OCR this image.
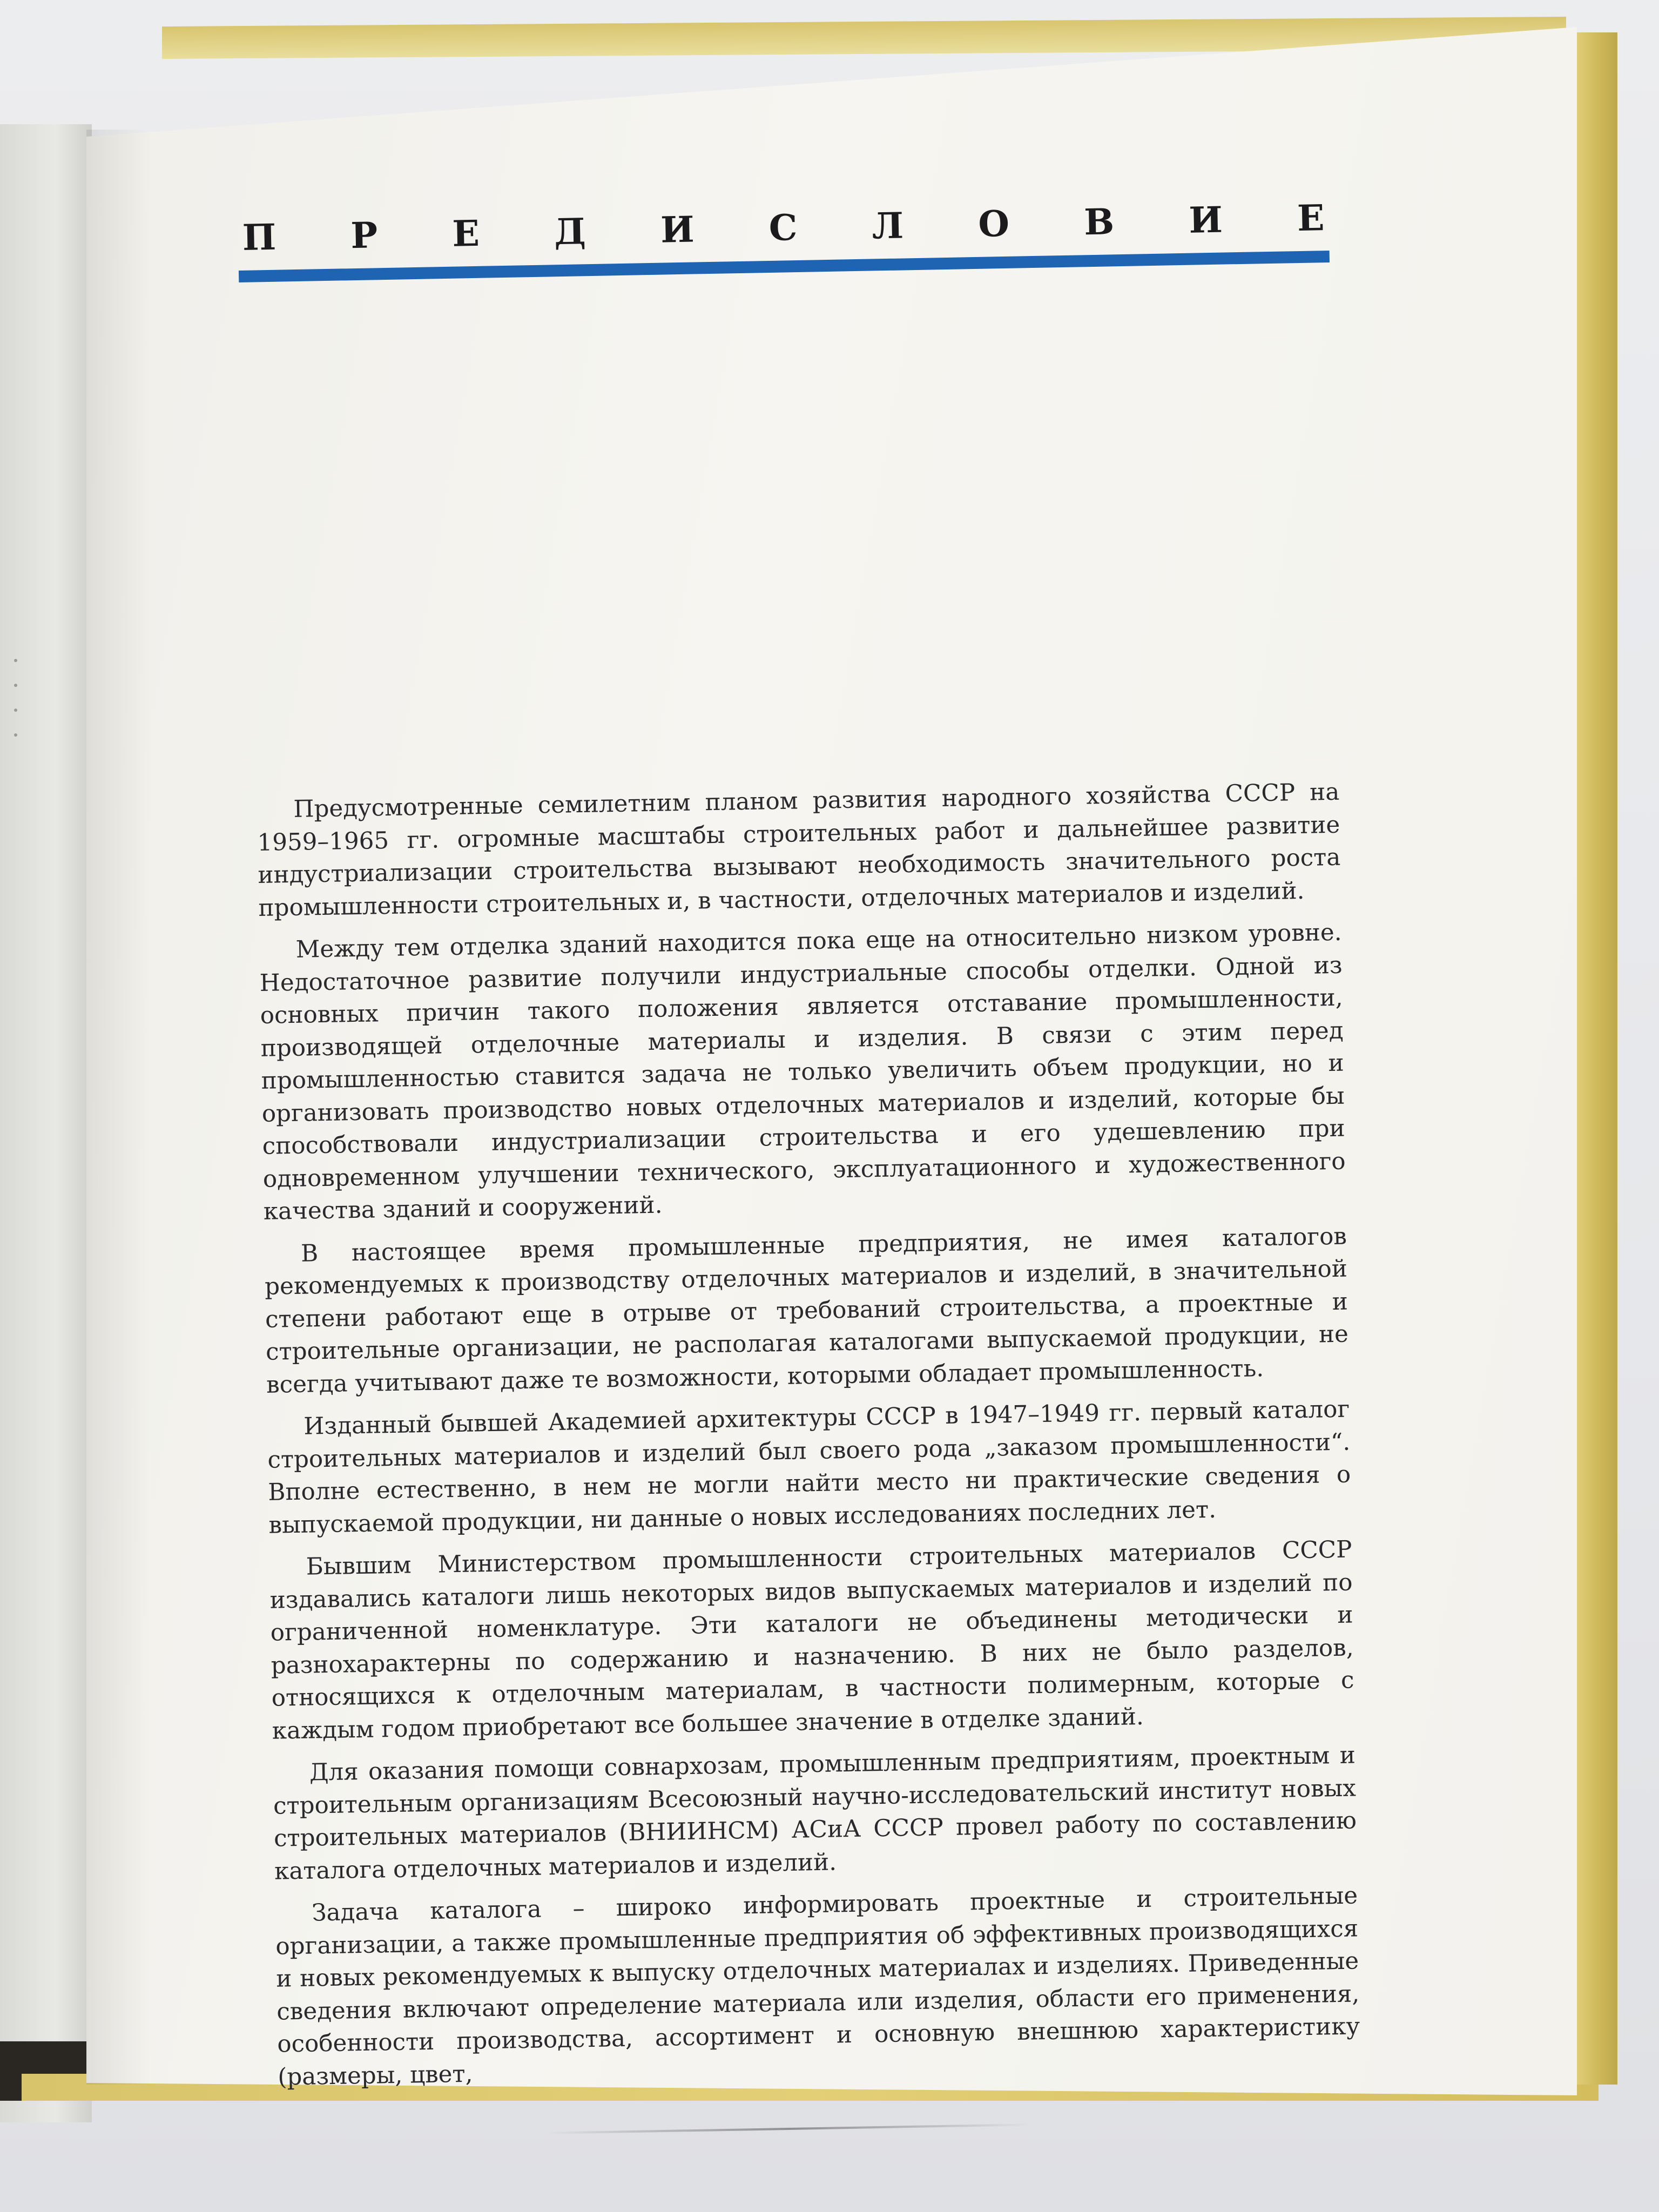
П Р Е Д И С Л О В И Е

Предусмотренные семилетним планом развития народного хозяйства СССР на 1959–1965 гг. огромные масштабы строительных работ и дальнейшее развитие индустриализации строительства вызывают необходимость значительного роста промышленности строительных и, в частности, отделочных материалов и изделий.

Между тем отделка зданий находится пока еще на относительно низком уровне. Недостаточное развитие получили индустриальные способы отделки. Одной из основных причин такого положения является отставание промышленности, производящей отделочные материалы и изделия. В связи с этим перед промышленностью ставится задача не только увеличить объем продукции, но и организовать производство новых отделочных материалов и изделий, которые бы способствовали индустриализации строительства и его удешевлению при одновременном улучшении технического, эксплуатационного и художественного качества зданий и сооружений.

В настоящее время промышленные предприятия, не имея каталогов рекомендуемых к производству отделочных материалов и изделий, в значительной степени работают еще в отрыве от требований строительства, а проектные и строительные организации, не располагая каталогами выпускаемой продукции, не всегда учитывают даже те возможности, которыми обладает промышленность.

Изданный бывшей Академией архитектуры СССР в 1947–1949 гг. первый каталог строительных материалов и изделий был своего рода „заказом промышленности“. Вполне естественно, в нем не могли найти место ни практические сведения о выпускаемой продукции, ни данные о новых исследованиях последних лет.

Бывшим Министерством промышленности строительных материалов СССР издавались каталоги лишь некоторых видов выпускаемых материалов и изделий по ограниченной номенклатуре. Эти каталоги не объединены методически и разнохарактерны по содержанию и назначению. В них не было разделов, относящихся к отделочным материалам, в частности полимерным, которые с каждым годом приобретают все большее значение в отделке зданий.

Для оказания помощи совнархозам, промышленным предприятиям, проектным и строительным организациям Всесоюзный научно-исследовательский институт новых строительных материалов (ВНИИНСМ) АСиА СССР провел работу по составлению каталога отделочных материалов и изделий.

Задача каталога – широко информировать проектные и строительные организации, а также промышленные предприятия об эффективных производящихся и новых рекомендуемых к выпуску отделочных материалах и изделиях. Приведенные сведения включают определение материала или изделия, области его применения, особенности производства, ассортимент и основную внешнюю характеристику (размеры, цвет,
